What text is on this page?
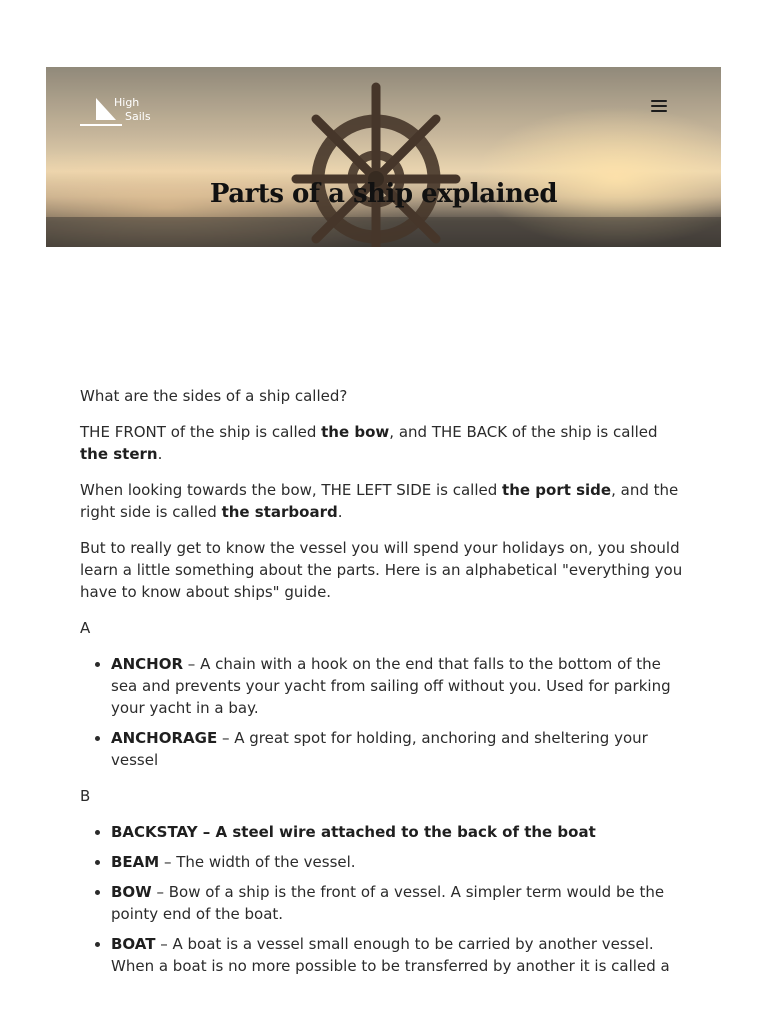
High
Sails
Parts of a ship explained

What are the sides of a ship called?

THE FRONT of the ship is called the bow, and THE BACK of the ship is called the stern.

When looking towards the bow, THE LEFT SIDE is called the port side, and the right side is called the starboard.

But to really get to know the vessel you will spend your holidays on, you should learn a little something about the parts. Here is an alphabetical "everything you have to know about ships" guide.

A

• ANCHOR – A chain with a hook on the end that falls to the bottom of the sea and prevents your yacht from sailing off without you. Used for parking your yacht in a bay.
• ANCHORAGE – A great spot for holding, anchoring and sheltering your vessel

B

• BACKSTAY – A steel wire attached to the back of the boat
• BEAM – The width of the vessel.
• BOW – Bow of a ship is the front of a vessel. A simpler term would be the pointy end of the boat.
• BOAT – A boat is a vessel small enough to be carried by another vessel. When a boat is no more possible to be transferred by another it is called a
